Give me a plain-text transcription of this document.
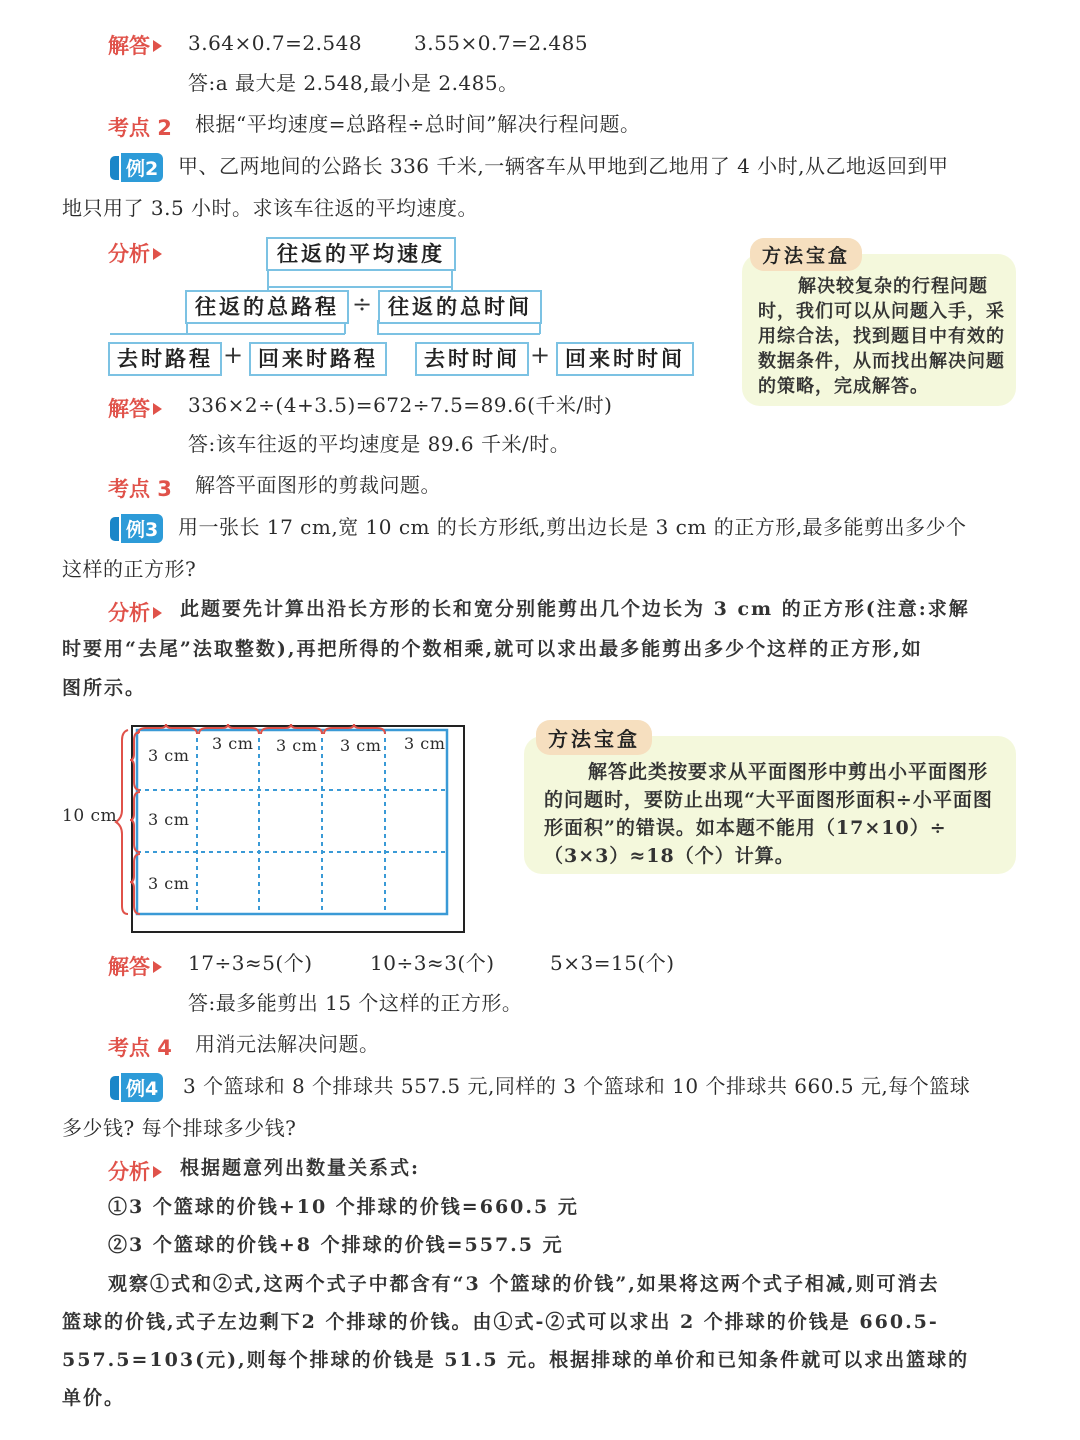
解答	3.64×0.7=2.548	3.55×0.7=2.485
答:a 最大是 2.548,最小是 2.485。
考点 2 根据“平均速度=总路程÷总时间”解决行程问题。
例2 甲、乙两地间的公路长 336 千米,一辆客车从甲地到乙地用了 4 小时,从乙地返回到甲
地只用了 3.5 小时。求该车往返的平均速度。
分析	往返的平均速度
往返的总路程 ÷ 往返的总时间
去时路程 + 回来时路程	去时时间 + 回来时时间
方法宝盒
解决较复杂的行程问题时，我们可以从问题入手，采用综合法，找到题目中有效的数据条件，从而找出解决问题的策略，完成解答。
解答	336×2÷(4+3.5)=672÷7.5=89.6(千米/时)
答:该车往返的平均速度是 89.6 千米/时。
考点 3 解答平面图形的剪裁问题。
例3 用一张长 17 cm,宽 10 cm 的长方形纸,剪出边长是 3 cm 的正方形,最多能剪出多少个
这样的正方形?
分析	此题要先计算出沿长方形的长和宽分别能剪出几个边长为 3 cm 的正方形(注意:求解
时要用“去尾”法取整数),再把所得的个数相乘,就可以求出最多能剪出多少个这样的正方形,如
图所示。
10 cm
3 cm 3 cm 3 cm 3 cm
3 cm
3 cm
3 cm
方法宝盒
解答此类按要求从平面图形中剪出小平面图形的问题时，要防止出现“大平面图形面积÷小平面图形面积”的错误。如本题不能用（17×10）÷（3×3）≈18（个）计算。
解答	17÷3≈5(个)	10÷3≈3(个)	5×3=15(个)
答:最多能剪出 15 个这样的正方形。
考点 4 用消元法解决问题。
例4 3 个篮球和 8 个排球共 557.5 元,同样的 3 个篮球和 10 个排球共 660.5 元,每个篮球
多少钱? 每个排球多少钱?
分析	根据题意列出数量关系式:
①3 个篮球的价钱+10 个排球的价钱=660.5 元
②3 个篮球的价钱+8 个排球的价钱=557.5 元
观察①式和②式,这两个式子中都含有“3 个篮球的价钱”,如果将这两个式子相减,则可消去
篮球的价钱,式子左边剩下2 个排球的价钱。由①式-②式可以求出 2 个排球的价钱是 660.5-
557.5=103(元),则每个排球的价钱是 51.5 元。根据排球的单价和已知条件就可以求出篮球的
单价。
